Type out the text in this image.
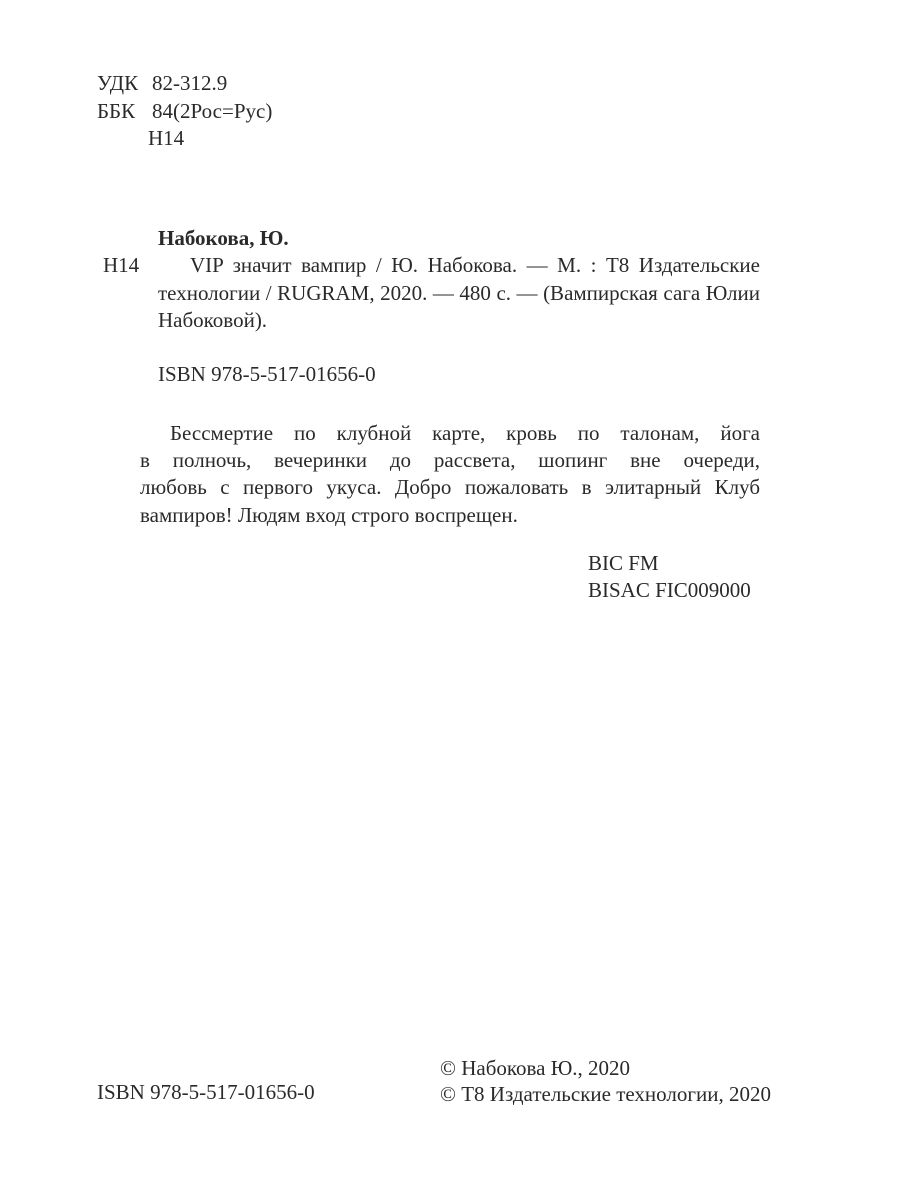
УДК 82-312.9
ББК 84(2Рос=Рус)
Н14
Набокова, Ю.
Н14	VIP значит вампир / Ю. Набокова. — М. : Т8 Издательские
технологии / RUGRAM, 2020. — 480 с. — (Вампирская сага Юлии
Набоковой).
ISBN 978-5-517-01656-0
Бессмертие по клубной карте, кровь по талонам, йога
в полночь, вечеринки до рассвета, шопинг вне очереди,
любовь с первого укуса. Добро пожаловать в элитарный Клуб
вампиров! Людям вход строго воспрещен.
BIC FM
BISAC FIC009000
ISBN 978-5-517-01656-0
© Набокова Ю., 2020
© Т8 Издательские технологии, 2020
